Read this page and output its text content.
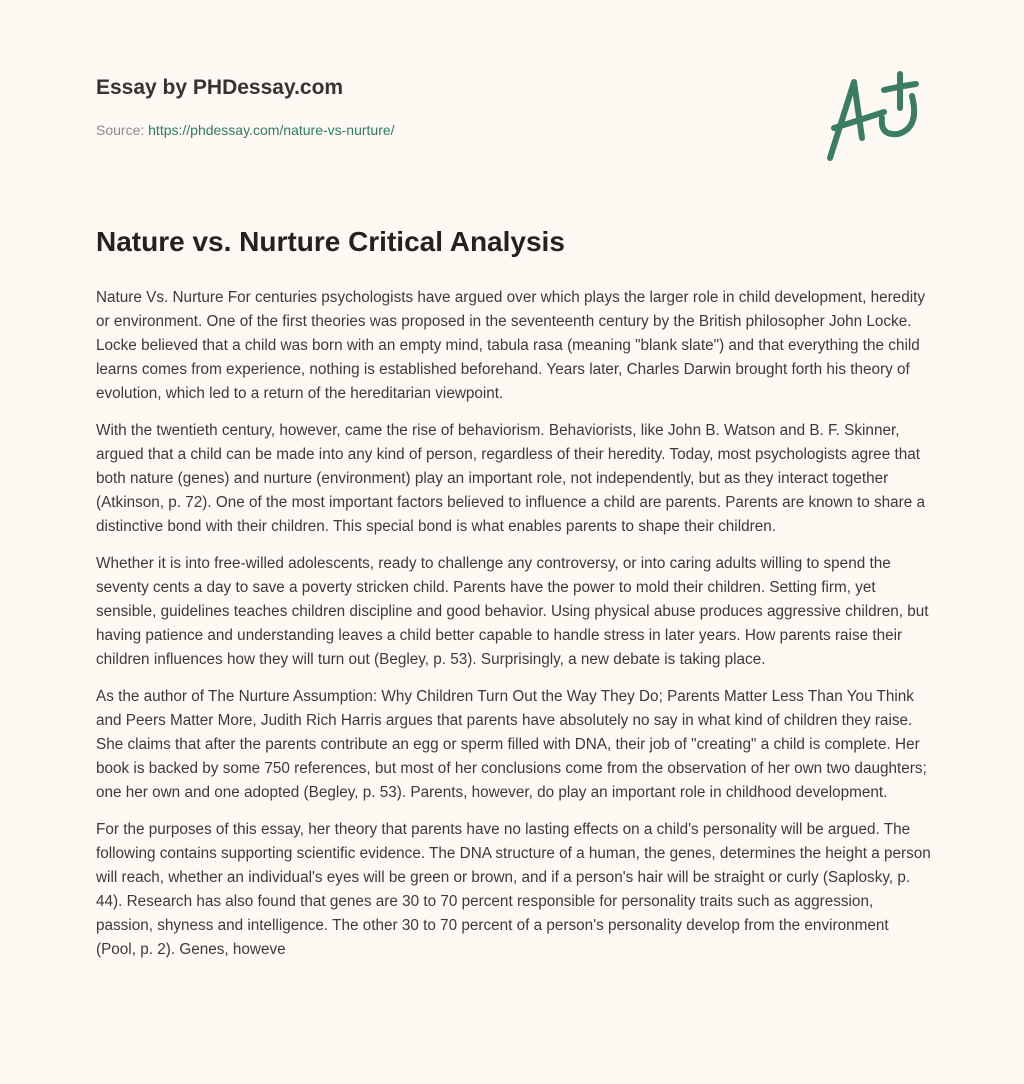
Essay by PHDessay.com

Source: https://phdessay.com/nature-vs-nurture/
Nature vs. Nurture Critical Analysis

Nature Vs. Nurture For centuries psychologists have argued over which plays the larger role in child development, heredity or environment. One of the first theories was proposed in the seventeenth century by the British philosopher John Locke. Locke believed that a child was born with an empty mind, tabula rasa (meaning "blank slate") and that everything the child learns comes from experience, nothing is established beforehand. Years later, Charles Darwin brought forth his theory of evolution, which led to a return of the hereditarian viewpoint.

With the twentieth century, however, came the rise of behaviorism. Behaviorists, like John B. Watson and B. F. Skinner, argued that a child can be made into any kind of person, regardless of their heredity. Today, most psychologists agree that both nature (genes) and nurture (environment) play an important role, not independently, but as they interact together (Atkinson, p. 72). One of the most important factors believed to influence a child are parents. Parents are known to share a distinctive bond with their children. This special bond is what enables parents to shape their children.

Whether it is into free-willed adolescents, ready to challenge any controversy, or into caring adults willing to spend the seventy cents a day to save a poverty stricken child. Parents have the power to mold their children. Setting firm, yet sensible, guidelines teaches children discipline and good behavior. Using physical abuse produces aggressive children, but having patience and understanding leaves a child better capable to handle stress in later years. How parents raise their children influences how they will turn out (Begley, p. 53). Surprisingly, a new debate is taking place.

As the author of The Nurture Assumption: Why Children Turn Out the Way They Do; Parents Matter Less Than You Think and Peers Matter More, Judith Rich Harris argues that parents have absolutely no say in what kind of children they raise. She claims that after the parents contribute an egg or sperm filled with DNA, their job of "creating" a child is complete. Her book is backed by some 750 references, but most of her conclusions come from the observation of her own two daughters; one her own and one adopted (Begley, p. 53). Parents, however, do play an important role in childhood development.

For the purposes of this essay, her theory that parents have no lasting effects on a child's personality will be argued. The following contains supporting scientific evidence. The DNA structure of a human, the genes, determines the height a person will reach, whether an individual's eyes will be green or brown, and if a person's hair will be straight or curly (Saplosky, p. 44). Research has also found that genes are 30 to 70 percent responsible for personality traits such as aggression, passion, shyness and intelligence. The other 30 to 70 percent of a person's personality develop from the environment (Pool, p. 2). Genes, howeve
